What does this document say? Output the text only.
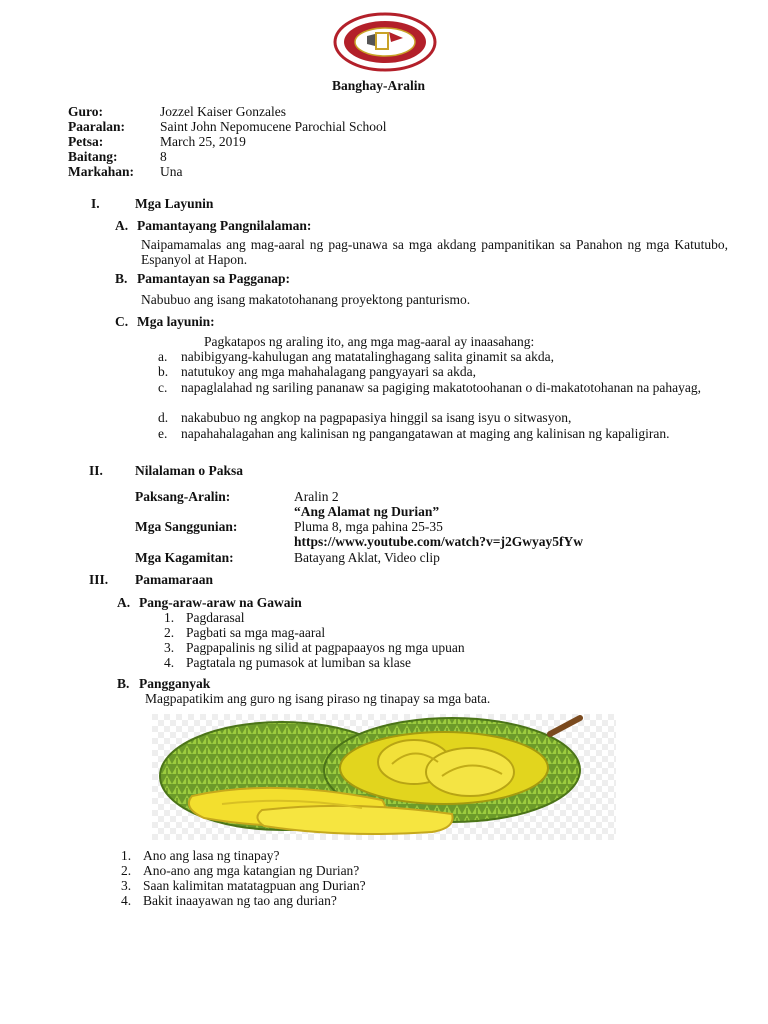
Banghay-Aralin
Guro:	Jozzel Kaiser Gonzales
Paaralan:	Saint John Nepomucene Parochial School
Petsa:	March 25, 2019
Baitang:	8
Markahan: Una
I.	Mga Layunin
A. Pamantayang Pangnilalaman:
Naipamamalas ang mag-aaral ng pag-unawa sa mga akdang pampanitikan sa Panahon ng mga Katutubo, Espanyol at Hapon.
B. Pamantayan sa Pagganap:
Nabubuo ang isang makatotohanang proyektong panturismo.
C. Mga layunin:
Pagkatapos ng araling ito, ang mga mag-aaral ay inaasahang:
a. nabibigyang-kahulugan ang matatalinghagang salita ginamit sa akda,
b. natutukoy ang mga mahahalagang pangyayari sa akda,
c. napaglalahad ng sariling pananaw sa pagiging makatotoohanan o di-makatotohanan na pahayag,
d. nakabubuo ng angkop na pagpapasiya hinggil sa isang isyu o sitwasyon,
e. napahahalagahan ang kalinisan ng pangangatawan at maging ang kalinisan ng kapaligiran.
II. Nilalaman o Paksa
Paksang-Aralin:	Aralin 2
“Ang Alamat ng Durian”
Mga Sanggunian:	Pluma 8, mga pahina 25-35
https://www.youtube.com/watch?v=j2Gwyay5fYw
Mga Kagamitan:	Batayang Aklat, Video clip
III. Pamamaraan
A. Pang-araw-araw na Gawain
1. Pagdarasal
2. Pagbati sa mga mag-aaral
3. Pagpapalinis ng silid at pagpapaayos ng mga upuan
4. Pagtatala ng pumasok at lumiban sa klase
B. Pangganyak
Magpapatikim ang guro ng isang piraso ng tinapay sa mga bata.
1. Ano ang lasa ng tinapay?
2. Ano-ano ang mga katangian ng Durian?
3. Saan kalimitan matatagpuan ang Durian?
4. Bakit inaayawan ng tao ang durian?
